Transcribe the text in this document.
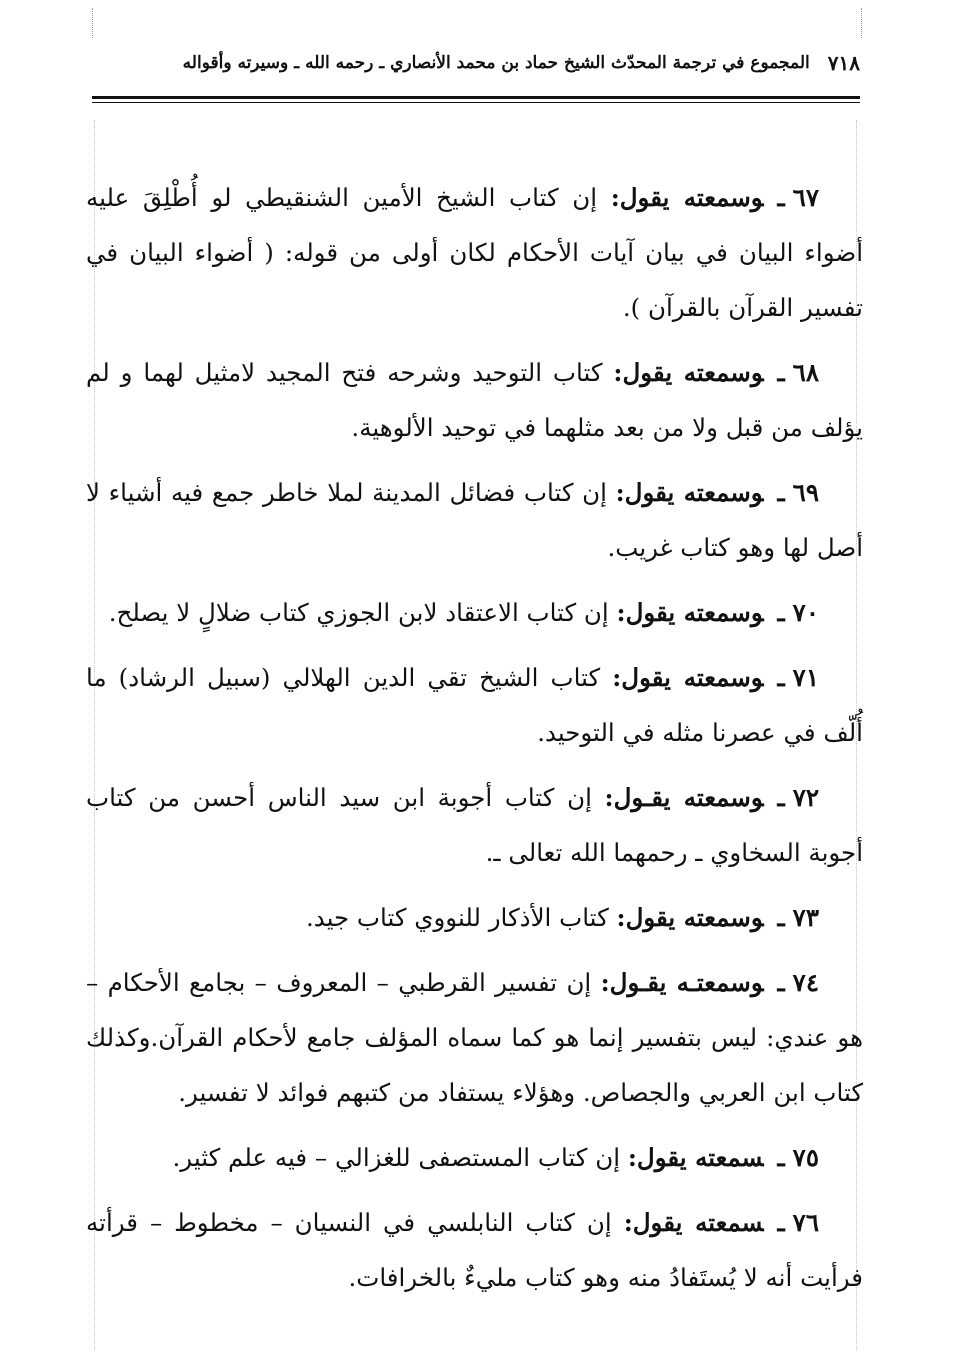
٧١٨
المجموع في ترجمة المحدّث الشيخ حماد بن محمد الأنصاري ـ رحمه الله ـ وسيرته وأقواله

٦٧ـوسمعته يقول: إن كتاب الشيخ الأمين الشنقيطي لو أُطْلِقَ عليه أضواء البيان في بيان آيات الأحكام لكان أولى من قوله: ( أضواء البيان في تفسير القرآن بالقرآن ).

٦٨ـوسمعته يقول: كتاب التوحيد وشرحه فتح المجيد لامثيل لهما و لم يؤلف من قبل ولا من بعد مثلهما في توحيد الألوهية.

٦٩ـوسمعته يقول: إن كتاب فضائل المدينة لملا خاطر جمع فيه أشياء لا أصل لها وهو كتاب غريب.

٧٠ـوسمعته يقول: إن كتاب الاعتقاد لابن الجوزي كتاب ضلالٍ لا يصلح.

٧١ـوسمعته يقول: كتاب الشيخ تقي الدين الهلالي (سبيل الرشاد) ما أُلّف في عصرنا مثله في التوحيد.

٧٢ـوسمعته يقـول: إن كتاب أجوبة ابن سيد الناس أحسن من كتاب أجوبة السخاوي ـ رحمهما الله تعالى ـ.

٧٣ـوسمعته يقول: كتاب الأذكار للنووي كتاب جيد.

٧٤ـوسمعتـه يقـول: إن تفسير القرطبي – المعروف – بجامع الأحكام – هو عندي: ليس بتفسير إنما هو كما سماه المؤلف جامع لأحكام القرآن.وكذلك كتاب ابن العربي والجصاص. وهؤلاء يستفاد من كتبهم فوائد لا تفسير.

٧٥ـسمعته يقول: إن كتاب المستصفى للغزالي – فيه علم كثير.

٧٦ـسمعته يقول: إن كتاب النابلسي في النسيان – مخطوط – قرأته فرأيت أنه لا يُستَفادُ منه وهو كتاب مليءٌ بالخرافات.
